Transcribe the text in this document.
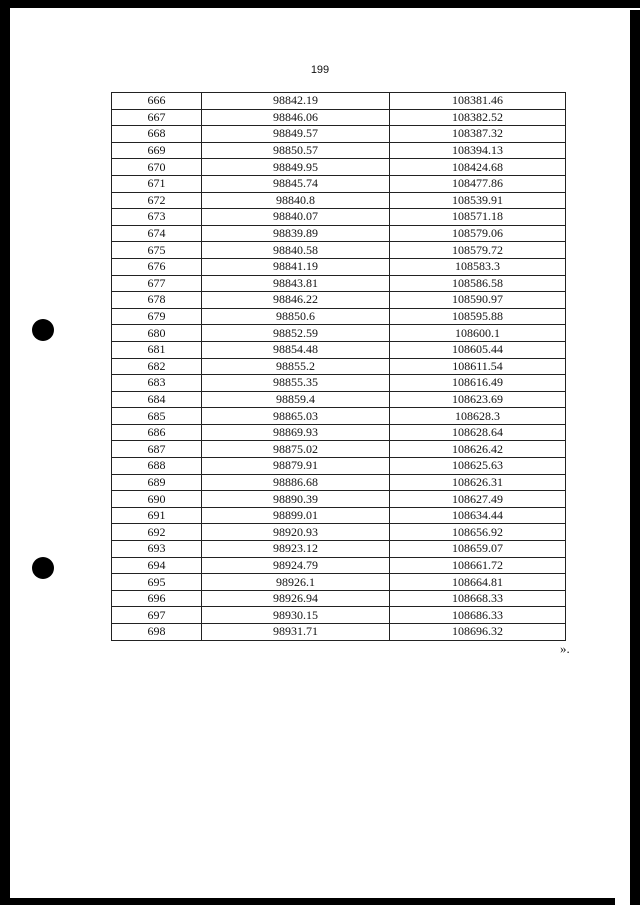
199
666	98842.19	108381.46
667	98846.06	108382.52
668	98849.57	108387.32
669	98850.57	108394.13
670	98849.95	108424.68
671	98845.74	108477.86
672	98840.8	108539.91
673	98840.07	108571.18
674	98839.89	108579.06
675	98840.58	108579.72
676	98841.19	108583.3
677	98843.81	108586.58
678	98846.22	108590.97
679	98850.6	108595.88
680	98852.59	108600.1
681	98854.48	108605.44
682	98855.2	108611.54
683	98855.35	108616.49
684	98859.4	108623.69
685	98865.03	108628.3
686	98869.93	108628.64
687	98875.02	108626.42
688	98879.91	108625.63
689	98886.68	108626.31
690	98890.39	108627.49
691	98899.01	108634.44
692	98920.93	108656.92
693	98923.12	108659.07
694	98924.79	108661.72
695	98926.1	108664.81
696	98926.94	108668.33
697	98930.15	108686.33
698	98931.71	108696.32
».
